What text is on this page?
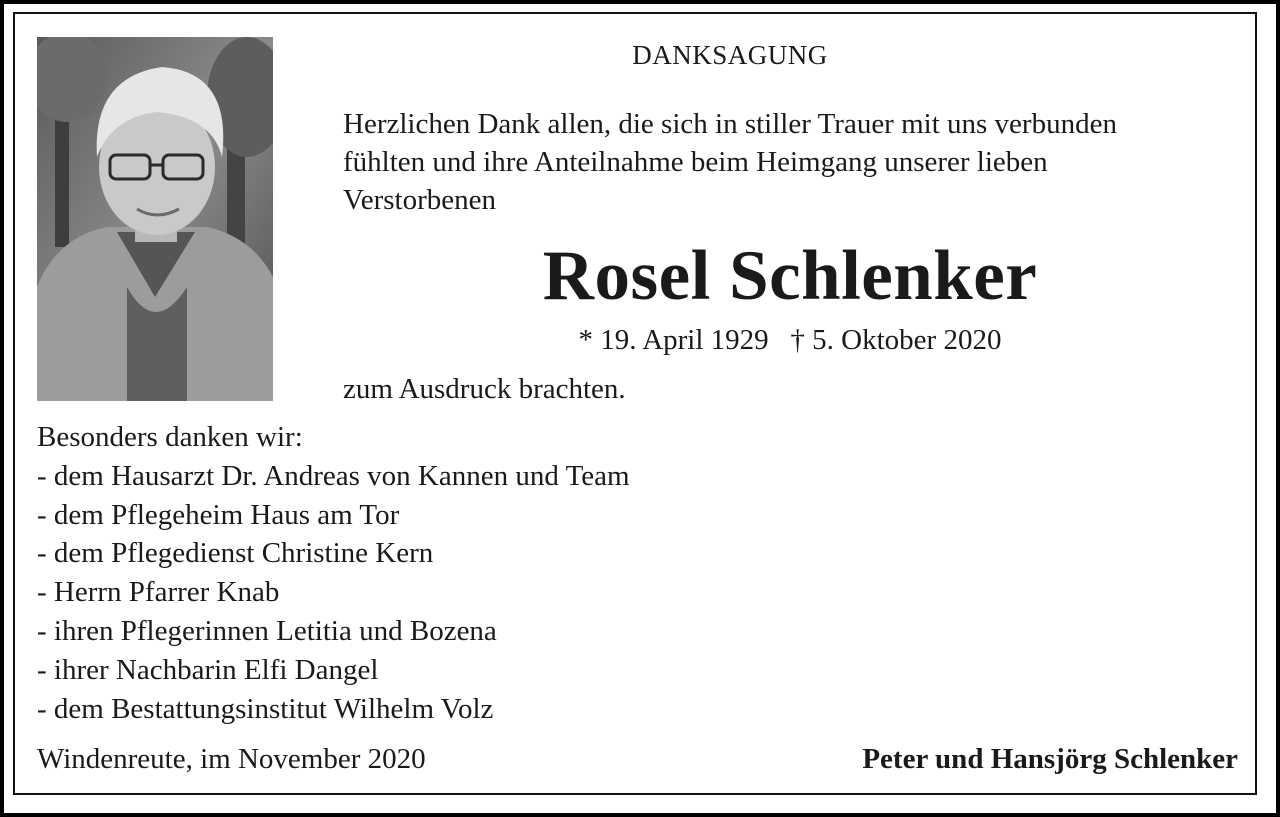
DANKSAGUNG
Herzlichen Dank allen, die sich in stiller Trauer mit uns verbunden
fühlten und ihre Anteilnahme beim Heimgang unserer lieben
Verstorbenen
Rosel Schlenker
* 19. April 1929 † 5. Oktober 2020
zum Ausdruck brachten.
Besonders danken wir:
- dem Hausarzt Dr. Andreas von Kannen und Team
- dem Pflegeheim Haus am Tor
- dem Pflegedienst Christine Kern
- Herrn Pfarrer Knab
- ihren Pflegerinnen Letitia und Bozena
- ihrer Nachbarin Elfi Dangel
- dem Bestattungsinstitut Wilhelm Volz
Windenreute, im November 2020	Peter und Hansjörg Schlenker
